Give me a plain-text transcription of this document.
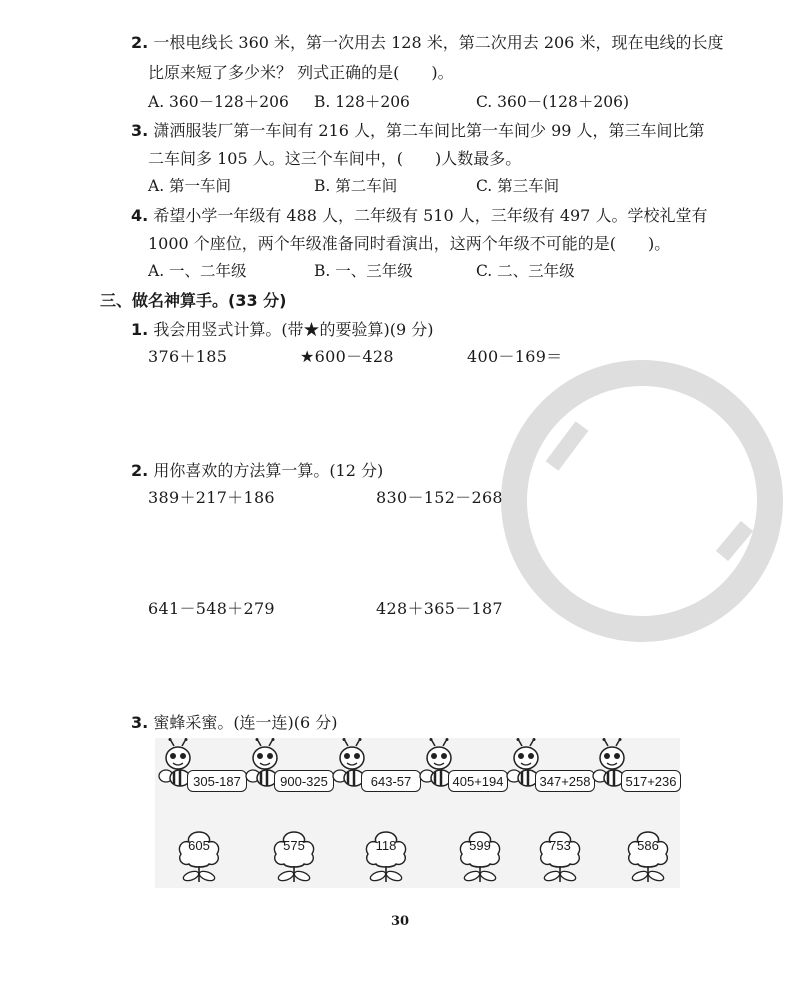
2. 一根电线长 360 米，第一次用去 128 米，第二次用去 206 米，现在电线的长度
比原来短了多少米？ 列式正确的是(　　)。
A. 360－128＋206 B. 128＋206	C. 360－(128＋206)
3. 潇洒服装厂第一车间有 216 人，第二车间比第一车间少 99 人，第三车间比第
二车间多 105 人。这三个车间中，(　　)人数最多。
A. 第一车间	B. 第二车间	C. 第三车间
4. 希望小学一年级有 488 人，二年级有 510 人，三年级有 497 人。学校礼堂有
1000 个座位，两个年级准备同时看演出，这两个年级不可能的是(　　)。
A. 一、二年级	B. 一、三年级	C. 二、三年级
三、做名神算手。(33 分)
1. 我会用竖式计算。(带★的要验算)(9 分)
376＋185	★600－428	400－169＝
2. 用你喜欢的方法算一算。(12 分)
389＋217＋186	830－152－268
641－548＋279	428＋365－187
3. 蜜蜂采蜜。(连一连)(6 分)
305-187	900-325	643-57	405+194	347+258	517+236
605	575	118	599	753	586
30
